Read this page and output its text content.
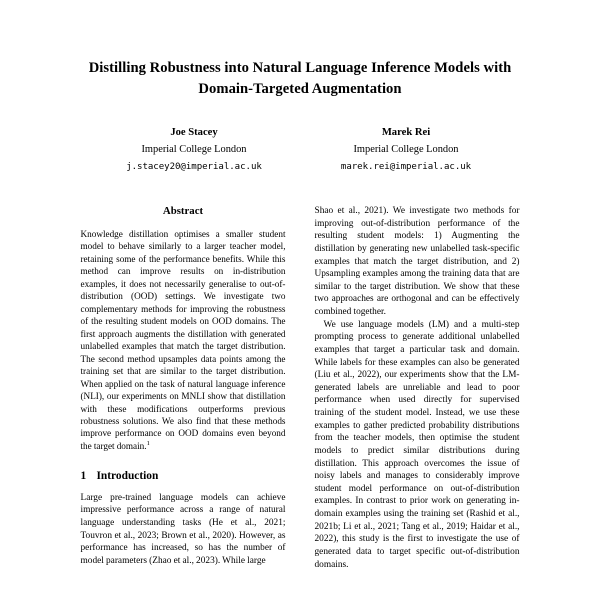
Distilling Robustness into Natural Language Inference Models with Domain-Targeted Augmentation
Joe Stacey
Imperial College London
j.stacey20@imperial.ac.uk
Marek Rei
Imperial College London
marek.rei@imperial.ac.uk
Abstract

Knowledge distillation optimises a smaller student model to behave similarly to a larger teacher model, retaining some of the performance benefits. While this method can improve results on in-distribution examples, it does not necessarily generalise to out-of-distribution (OOD) settings. We investigate two complementary methods for improving the robustness of the resulting student models on OOD domains. The first approach augments the distillation with generated unlabelled examples that match the target distribution. The second method upsamples data points among the training set that are similar to the target distribution. When applied on the task of natural language inference (NLI), our experiments on MNLI show that distillation with these modifications outperforms previous robustness solutions. We also find that these methods improve performance on OOD domains even beyond the target domain.$^1$

1 Introduction

Large pre-trained language models can achieve impressive performance across a range of natural language understanding tasks (He et al., 2021; Touvron et al., 2023; Brown et al., 2020). However, as performance has increased, so has the number of model parameters (Zhao et al., 2023). While large

Shao et al., 2021). We investigate two methods for improving out-of-distribution performance of the resulting student models: 1) Augmenting the distillation by generating new unlabelled task-specific examples that match the target distribution, and 2) Upsampling examples among the training data that are similar to the target distribution. We show that these two approaches are orthogonal and can be effectively combined together.

We use language models (LM) and a multi-step prompting process to generate additional unlabelled examples that target a particular task and domain. While labels for these examples can also be generated (Liu et al., 2022), our experiments show that the LM-generated labels are unreliable and lead to poor performance when used directly for supervised training of the student model. Instead, we use these examples to gather predicted probability distributions from the teacher models, then optimise the student models to predict similar distributions during distillation. This approach overcomes the issue of noisy labels and manages to considerably improve student model performance on out-of-distribution examples. In contrast to prior work on generating in-domain examples using the training set (Rashid et al., 2021b; Li et al., 2021; Tang et al., 2019; Haidar et al., 2022), this study is the first to investigate the use of generated data to target specific out-of-distribution domains.
